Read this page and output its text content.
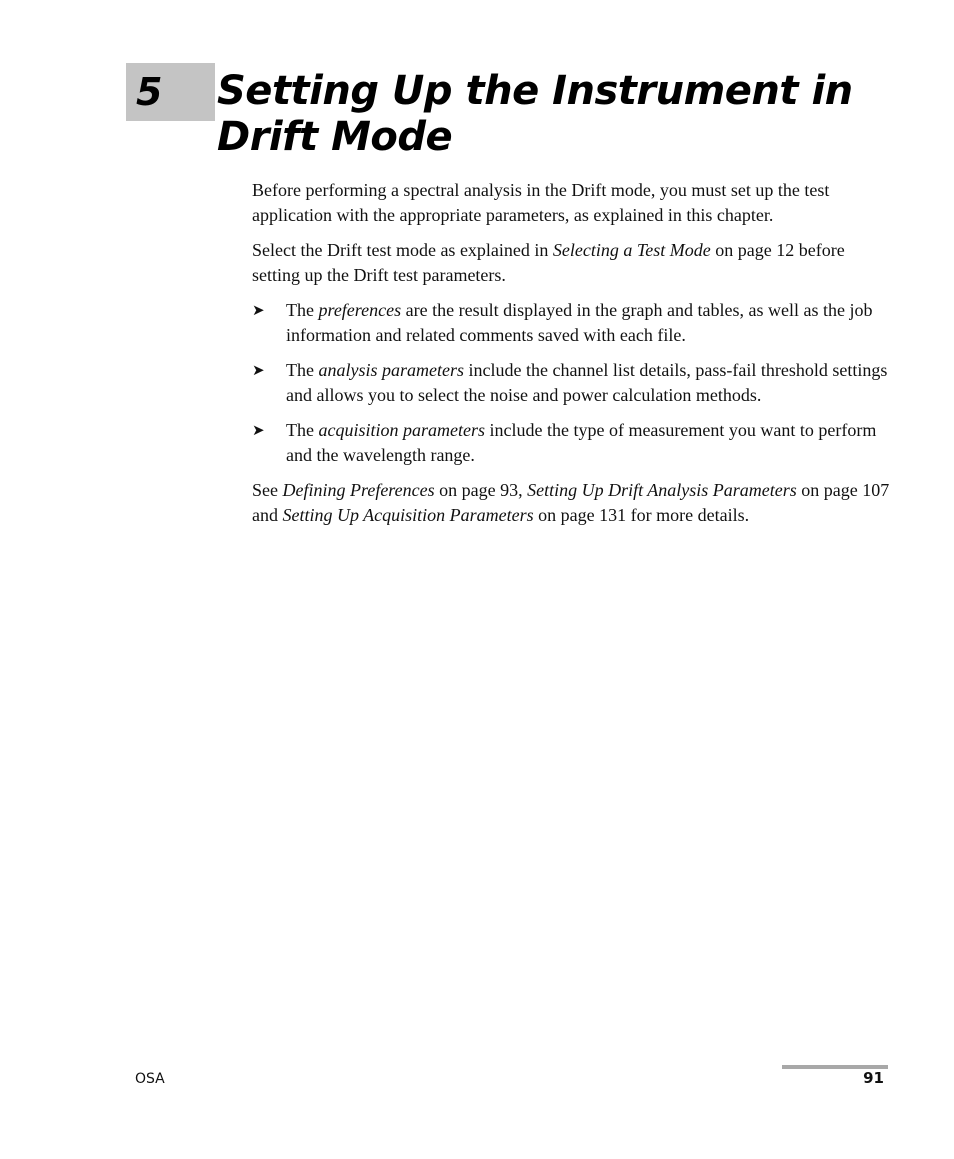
5	Setting Up the Instrument in
Drift Mode

Before performing a spectral analysis in the Drift mode, you must set up the test application with the appropriate parameters, as explained in this chapter.

Select the Drift test mode as explained in Selecting a Test Mode on page 12 before setting up the Drift test parameters.

➤ The preferences are the result displayed in the graph and tables, as well as the job information and related comments saved with each file.
➤ The analysis parameters include the channel list details, pass-fail threshold settings and allows you to select the noise and power calculation methods.
➤ The acquisition parameters include the type of measurement you want to perform and the wavelength range.

See Defining Preferences on page 93, Setting Up Drift Analysis Parameters on page 107 and Setting Up Acquisition Parameters on page 131 for more details.

OSA	91
